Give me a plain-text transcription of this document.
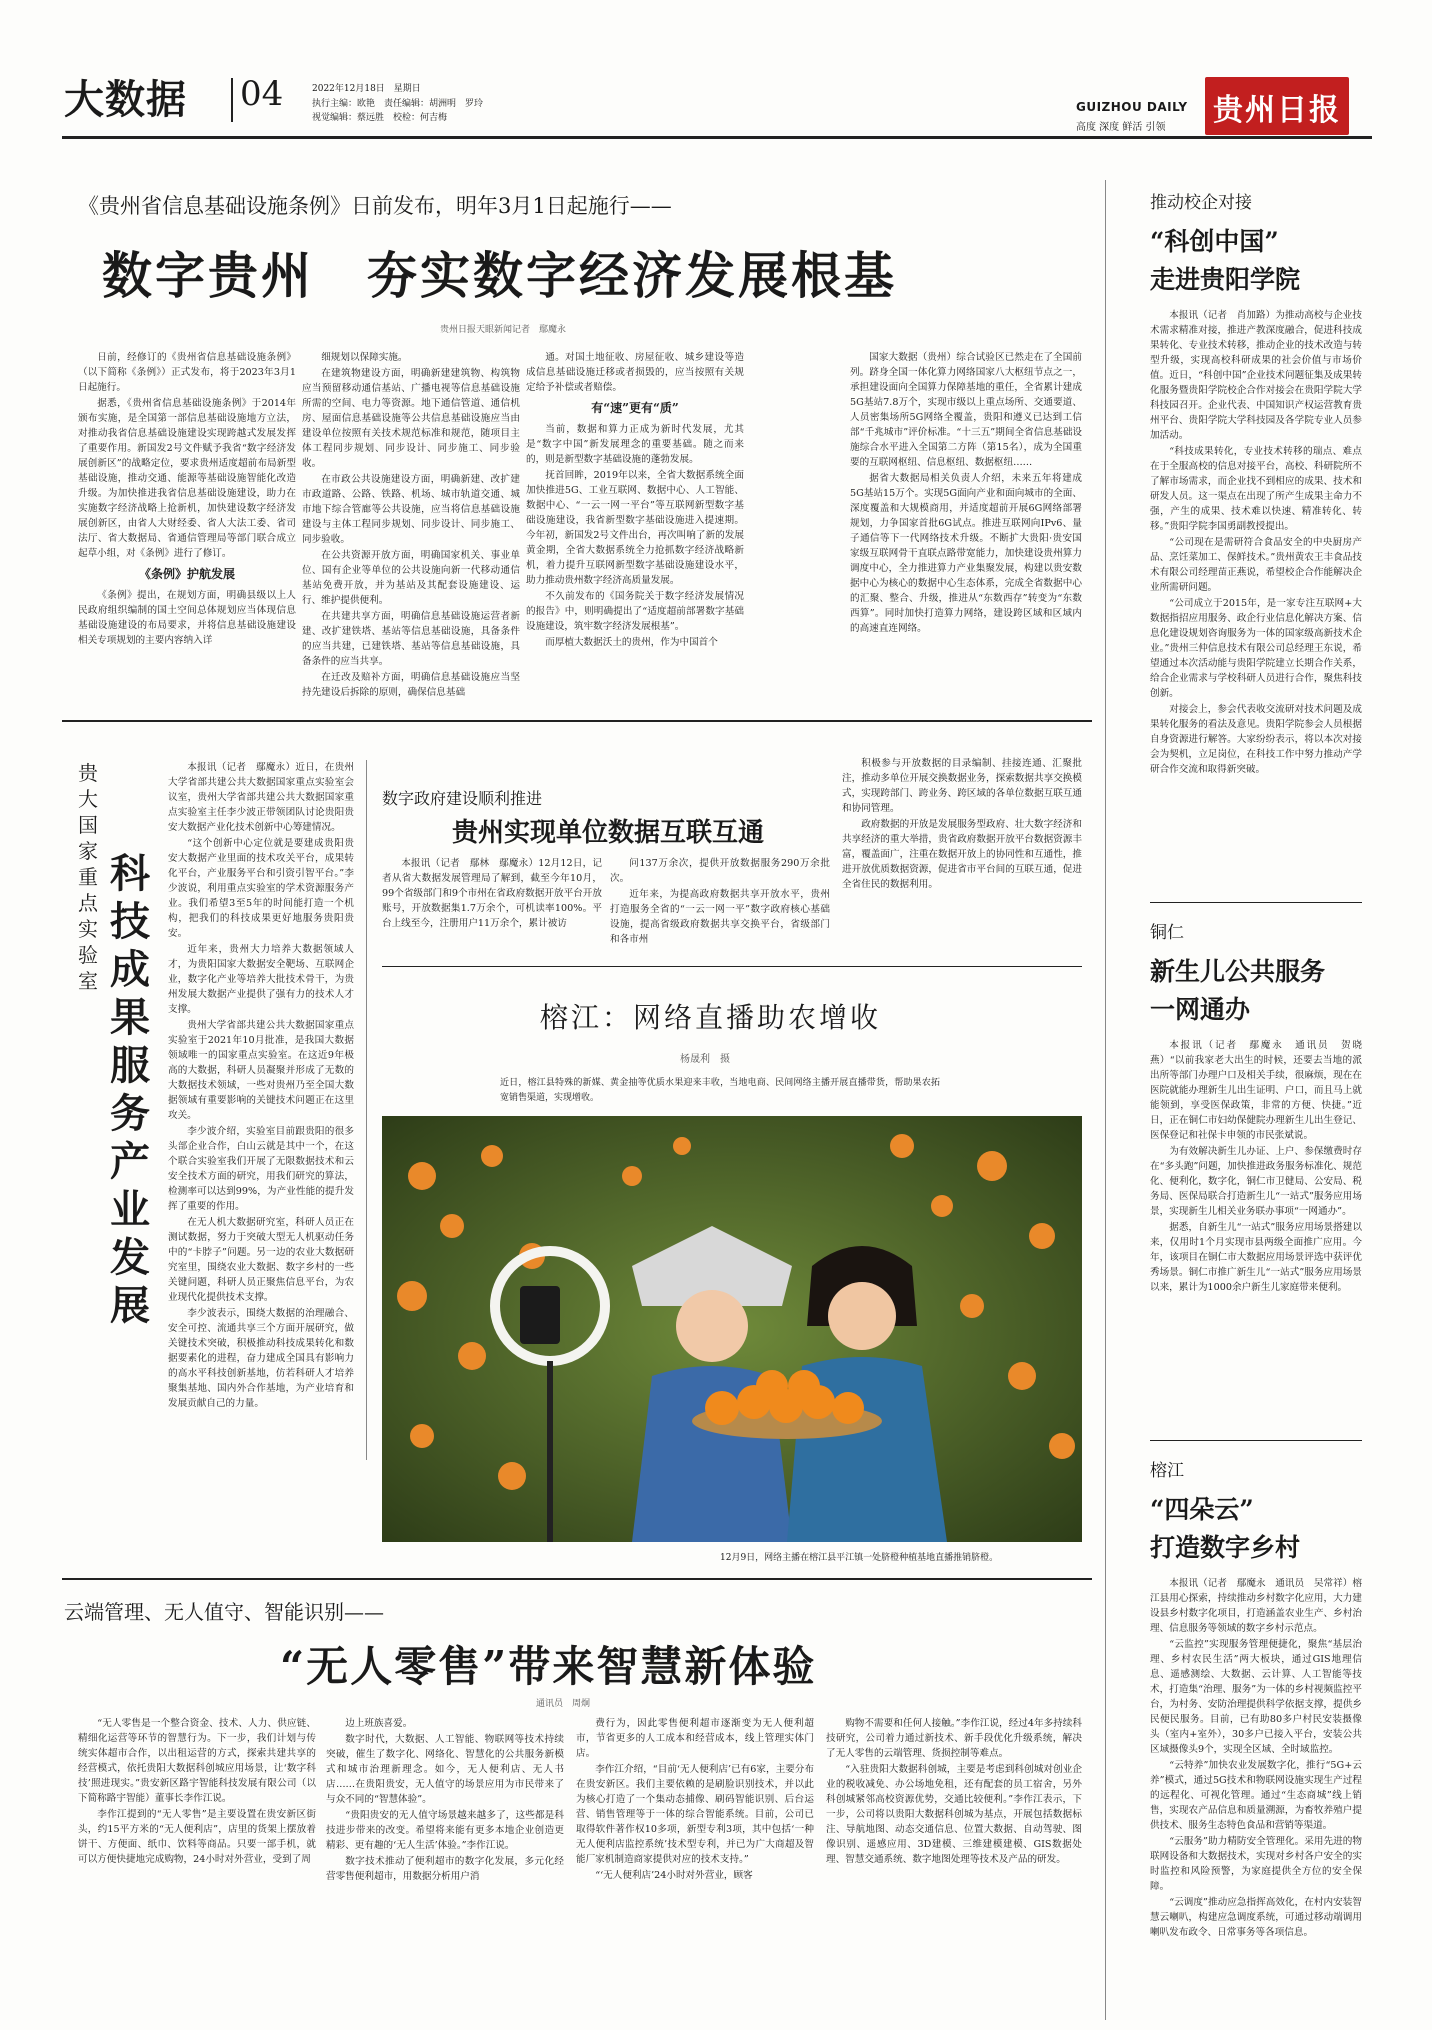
大数据 04	2022年12月18日　星期日
执行主编：欧艳　责任编辑：胡洲明　罗玲
视觉编辑：蔡远胜　校检：何吉梅
GUIZHOU DAILY
高度 深度 鲜活 引领 贵州日报
《贵州省信息基础设施条例》日前发布，明年3月1日起施行——
数字贵州　夯实数字经济发展根基
贵州日报天眼新闻记者　鄢魔永

日前，经修订的《贵州省信息基础设施条例》（以下简称《条例》）正式发布，将于2023年3月1日起施行。

据悉，《贵州省信息基础设施条例》于2014年颁布实施，是全国第一部信息基础设施地方立法，对推动我省信息基础设施建设实现跨越式发展发挥了重要作用。新国发2号文件赋予我省“数字经济发展创新区”的战略定位，要求贵州适度超前布局新型基础设施，推动交通、能源等基础设施智能化改造升级。为加快推进我省信息基础设施建设，助力在实施数字经济战略上抢新机，加快建设数字经济发展创新区，由省人大财经委、省人大法工委、省司法厅、省大数据局、省通信管理局等部门联合成立起草小组，对《条例》进行了修订。

《条例》护航发展

《条例》提出，在规划方面，明确县级以上人民政府组织编制的国土空间总体规划应当体现信息基础设施建设的布局要求，并将信息基础设施建设相关专项规划的主要内容纳入详

细规划以保障实施。

在建筑物建设方面，明确新建建筑物、构筑物应当预留移动通信基站、广播电视等信息基础设施所需的空间、电力等资源。地下通信管道、通信机房、屋面信息基础设施等公共信息基础设施应当由建设单位按照有关技术规范标准和规范，随项目主体工程同步规划、同步设计、同步施工、同步验收。

在市政公共设施建设方面，明确新建、改扩建市政道路、公路、铁路、机场、城市轨道交通、城市地下综合管廊等公共设施，应当将信息基础设施建设与主体工程同步规划、同步设计、同步施工、同步验收。

在公共资源开放方面，明确国家机关、事业单位、国有企业等单位的公共设施向新一代移动通信基站免费开放，并为基站及其配套设施建设、运行、维护提供便利。

在共建共享方面，明确信息基础设施运营者新建、改扩建铁塔、基站等信息基础设施，具备条件的应当共建，已建铁塔、基站等信息基础设施，具备条件的应当共享。

在迁改及赔补方面，明确信息基础设施应当坚持先建设后拆除的原则，确保信息基础

通。对国土地征收、房屋征收、城乡建设等造成信息基础设施迁移或者损毁的，应当按照有关规定给予补偿或者赔偿。

有“速”更有“质”

当前，数据和算力正成为新时代发展，尤其是“数字中国”新发展理念的重要基础。随之而来的，则是新型数字基础设施的蓬勃发展。

抚首回眸，2019年以来，全省大数据系统全面加快推进5G、工业互联网、数据中心、人工智能、数据中心、“一云一网一平台”等互联网新型数字基础设施建设，我省新型数字基础设施进入提速期。今年初，新国发2号文件出台，再次叫响了新的发展黄金期，全省大数据系统全力抢抓数字经济战略新机，着力提升互联网新型数字基础设施建设水平，助力推动贵州数字经济高质量发展。

不久前发布的《国务院关于数字经济发展情况的报告》中，则明确提出了“适度超前部署数字基础设施建设，筑牢数字经济发展根基”。

而厚植大数据沃土的贵州，作为中国首个

国家大数据（贵州）综合试验区已然走在了全国前列。跻身全国一体化算力网络国家八大枢纽节点之一，承担建设面向全国算力保障基地的重任，全省累计建成5G基站7.8万个，实现市级以上重点场所、交通要道、人员密集场所5G网络全覆盖，贵阳和遵义已达到工信部“千兆城市”评价标准。“十三五”期间全省信息基础设施综合水平进入全国第二方阵（第15名），成为全国重要的互联网枢纽、信息枢纽、数据枢纽……

据省大数据局相关负责人介绍，未来五年将建成5G基站15万个。实现5G面向产业和面向城市的全面、深度覆盖和大规模商用，并适度超前开展6G网络部署规划，力争国家首批6G试点。推进互联网向IPv6、量子通信等下一代网络技术升级。不断扩大贵阳·贵安国家级互联网骨干直联点路带宽能力，加快建设贵州算力调度中心，全力推进算力产业集聚发展，构建以贵安数据中心为核心的数据中心生态体系，完成全省数据中心的汇聚、整合、升级，推进从“东数西存”转变为“东数西算”。同时加快打造算力网络，建设跨区域和区域内的高速直连网络。

推动校企对接
“科创中国”
走进贵阳学院

本报讯（记者　肖加路）为推动高校与企业技术需求精准对接，推进产教深度融合，促进科技成果转化、专业技术转移，推动企业的技术改造与转型升级，实现高校科研成果的社会价值与市场价值。近日，“科创中国”企业技术问题征集及成果转化服务暨贵阳学院校企合作对接会在贵阳学院大学科技园召开。企业代表、中国知识产权运营教育贵州平台、贵阳学院大学科技园及各学院专业人员参加活动。

“科技成果转化，专业技术转移的瑞点、难点在于全服高校的信息对接平台，高校、科研院所不了解市场需求，而企业找不到相应的成果、技术和研发人员。这一渠点在出现了所产生成果主命力不强，产生的成果、技术难以快速、精准转化、转移。”贵阳学院李国勇副教授提出。

“公司现在是需研符合食品安全的中央厨房产品、烹饪菜加工、保鲜技术。”贵州黄农王丰食品技术有限公司经理苗正燕说，希望校企合作能解决企业所需研问题。

“公司成立于2015年，是一家专注互联网+大数据指招应用服务、政企行业信息化解决方案、信息化建设规划咨询服务为一体的国家级高新技术企业。”贵州三仲信息技术有限公司总经理王东说，希望通过本次活动能与贵阳学院建立长期合作关系，给合企业需求与学校科研人员进行合作，聚焦科技创新。

对接会上，参会代表收交流研对技术问题及成果转化服务的看法及意见。贵阳学院参会人员根据自身资源进行解答。大家纷纷表示，将以本次对接会为契机，立足岗位，在科技工作中努力推动产学研合作交流和取得新突破。

铜仁
新生儿公共服务
一网通办

本报讯（记者　鄢魔永　通讯员　贺晓燕）“以前我家老大出生的时候，还要去当地的派出所等部门办理户口及相关手续，很麻烦，现在在医院就能办理新生儿出生证明、户口，而且马上就能领到，享受医保政策，非常的方便、快捷。”近日，正在铜仁市妇幼保健院办理新生儿出生登记、医保登记和社保卡申领的市民张斌说。

为有效解决新生儿办证、上户、参保缴费时存在“多头跑”问题，加快推进政务服务标准化、规范化、便利化，数字化，铜仁市卫健局、公安局、税务局、医保局联合打造新生儿“一站式”服务应用场景，实现新生儿相关业务联办事项“一网通办”。

据悉，自新生儿“一站式”服务应用场景搭建以来，仅用时1个月实现市县两级全面推广应用。今年，该项目在铜仁市大数据应用场景评选中获评优秀场景。铜仁市推广新生儿“一站式”服务应用场景以来，累计为1000余户新生儿家庭带来便利。

榕江
“四朵云”
打造数字乡村

本报讯（记者　鄢魔永　通讯员　吴常祥）榕江县用心探索，持续推动乡村数字化应用，大力建设县乡村数字化项目，打造涵盖农业生产、乡村治理、信息服务等领域的数字乡村示范点。

“云监控”实现服务管理便捷化，聚焦“基层治理、乡村农民生活”两大板块，通过GIS地理信息、遥感测绘、大数据、云计算、人工智能等技术，打造集“治理、服务”为一体的乡村视频监控平台，为村务、安防治理提供科学依据支撑，提供乡民便民服务。目前，已有助80多户村民安装摄像头（室内+室外），30多户已接入平台，安装公共区域摄像头9个，实现全区域、全时域监控。

“云特养”加快农业发展数字化，推行“5G+云养”模式，通过5G技术和物联网设施实现生产过程的远程化、可视化管理。通过“生态商城”线上销售，实现农产品信息和质量溯源，为畜牧养殖户提供技术、服务生态特色食品和营销等渠道。

“云服务”助力精防安全管理化。采用先进的物联网设备和大数据技术，实现对乡村各户安全的实时监控和风险预警，为家庭提供全方位的安全保障。

“云调度”推动应急指挥高效化，在村内安装智慧云喇叭，构建应急调度系统，可通过移动端调用喇叭发布政令、日常事务等各项信息。

贵大国家重点实验室
科技成果服务产业发展

本报讯（记者　鄢魔永）近日，在贵州大学省部共建公共大数据国家重点实验室会议室，贵州大学省部共建公共大数据国家重点实验室主任李少波正带领团队讨论贵阳贵安大数据产业化技术创新中心筹建情况。

“这个创新中心定位就是要建成贵阳贵安大数据产业里面的技术攻关平台，成果转化平台，产业服务平台和引资引智平台。”李少波说，利用重点实验室的学术资源服务产业。我们希望3至5年的时间能打造一个机构，把我们的科技成果更好地服务贵阳贵安。

近年来，贵州大力培养大数据领域人才，为贵阳国家大数据安全靶场、互联网企业，数字化产业等培养大批技术骨干，为贵州发展大数据产业提供了强有力的技术人才支撑。

贵州大学省部共建公共大数据国家重点实验室于2021年10月批准，是我国大数据领域唯一的国家重点实验室。在这近9年极高的大数据，科研人员凝聚并形成了无数的大数据技术领域，一些对贵州乃至全国大数据领域有重要影响的关键技术问题正在这里攻关。

李少波介绍，实验室目前跟贵阳的很多头部企业合作，白山云就是其中一个，在这个联合实验室我们开展了无限数据技术和云安全技术方面的研究，用我们研究的算法，检测率可以达到99%，为产业性能的提升发挥了重要的作用。

在无人机大数据研究室，科研人员正在测试数据，努力于突破大型无人机驱动任务中的“卡脖子”问题。另一边的农业大数据研究室里，围绕农业大数据、数字乡村的一些关键问题，科研人员正聚焦信息平台，为农业现代化提供技术支撑。

李少波表示，围绕大数据的治理融合、安全可控、流通共享三个方面开展研究，做关键技术突破，积极推动科技成果转化和数据要素化的进程，奋力建成全国具有影响力的高水平科技创新基地，仿若科研人才培养聚集基地、国内外合作基地，为产业培育和发展贡献自己的力量。

数字政府建设顺利推进
贵州实现单位数据互联互通

本报讯（记者　鄢林　鄢魔永）12月12日，记者从省大数据发展管理局了解到，截至今年10月，99个省级部门和9个市州在省政府数据开放平台开放账号，开放数据集1.7万余个，可机读率100%。平台上线至今，注册用户11万余个，累计被访

问137万余次，提供开放数据服务290万余批次。

近年来，为提高政府数据共享开放水平，贵州打造服务全省的“一云一网一平”数字政府核心基础设施，提高省级政府数据共享交换平台，省级部门和各市州

积极参与开放数据的目录编制、挂接连通、汇聚批注，推动多单位开展交换数据业务，探索数据共享交换模式，实现跨部门、跨业务、跨区域的各单位数据互联互通和协同管理。

政府数据的开放是发展服务型政府、壮大数字经济和共享经济的重大举措，贵省政府数据开放平台数据资源丰富，覆盖面广，注重在数据开放上的协同性和互通性，推进开放优质数据资源，促进省市平台间的互联互通，促进全省住民的数据利用。

榕江：网络直播助农增收
杨晟利　摄
近日，榕江县特殊的新媒、黄金抽等优质水果迎来丰收，当地电商、民间网络主播开展直播带货，帮助果农拓宽销售渠道，实现增收。
12月9日，网络主播在榕江县平江镇一处脐橙种植基地直播推销脐橙。
云端管理、无人值守、智能识别——
“无人零售”带来智慧新体验
通讯员　周炯

“无人零售是一个整合资金、技术、人力、供应链、精细化运营等环节的智慧行为。下一步，我们计划与传统实体超市合作，以出租运营的方式，探索共建共享的经营模式，依托贵阳大数据科创城应用场景，让‘数字科技’照进现实。”贵安新区路宇智能科技发展有限公司（以下简称路宇智能）董事长李作江说。

李作江提到的“无人零售”是主要设置在贵安新区街头，约15平方米的“无人便利店”，店里的货架上摆放着饼干、方便面、纸巾、饮料等商品。只要一部手机，就可以方便快捷地完成购物，24小时对外营业，受到了周

边上班族喜爱。

数字时代，大数据、人工智能、物联网等技术持续突破，催生了数字化、网络化、智慧化的公共服务新模式和城市治理新理念。如今，无人便利店、无人书店……在贵阳贵安，无人值守的场景应用为市民带来了与众不同的“智慧体验”。

“贵阳贵安的无人值守场景越来越多了，这些都是科技进步带来的改变。希望将来能有更多本地企业创造更精彩、更有趣的‘无人生活’体验。”李作江说。

数字技术推动了便利超市的数字化发展，多元化经营零售便利超市，用数据分析用户消

费行为，因此零售便利超市逐渐变为无人便利超市，节省更多的人工成本和经营成本，线上管理实体门店。

李作江介绍，“目前‘无人便利店’已有6家，主要分布在贵安新区。我们主要依赖的是刷脸识别技术，并以此为核心打造了一个集动态捕像、刷码智能识别、后台运营、销售管理等于一体的综合智能系统。目前，公司已取得软件著作权10多项，新型专利3项，其中包括‘一种无人便利店监控系统’技术型专利，并已为广大商超及智能厂家机制造商家提供对应的技术支持。”

“‘无人便利店’24小时对外营业，顾客

购物不需要和任何人接触。”李作江说，经过4年多持续科技研究，公司着力通过新技术、新手段优化升级系统，解决了无人零售的云端管理、货损控制等难点。

“入驻贵阳大数据科创城，主要是考虑到科创城对创业企业的税收减免、办公场地免租，还有配套的员工宿舍，另外科创城紧邻高校资源优势，交通比较便利。”李作江表示，下一步，公司将以贵阳大数据科创城为基点，开展包括数据标注、导航地图、动态交通信息、位置大数据、自动驾驶、图像识别、遥感应用、3D建模、三维建模建模、GIS数据处理、智慧交通系统、数字地图处理等技术及产品的研发。
